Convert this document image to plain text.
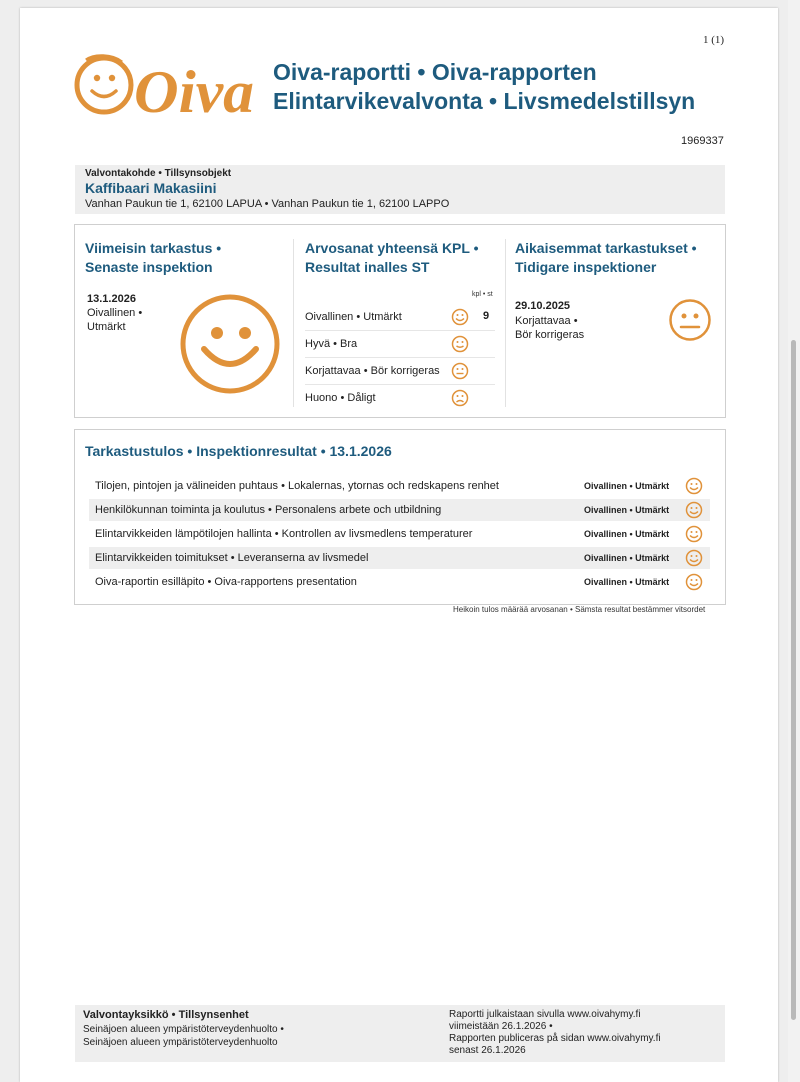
1 (1)
Oiva Oiva-raportti • Oiva-rapporten
Elintarvikevalvonta • Livsmedelstillsyn
1969337
Valvontakohde • Tillsynsobjekt
Kaffibaari Makasiini
Vanhan Paukun tie 1, 62100 LAPUA • Vanhan Paukun tie 1, 62100 LAPPO
Viimeisin tarkastus •
Senaste inspektion
13.1.2026
Oivallinen •
Utmärkt
Arvosanat yhteensä KPL •
Resultat inalles ST
kpl • st
Oivallinen • Utmärkt	9
Hyvä • Bra
Korjattavaa • Bör korrigeras
Huono • Dåligt
Aikaisemmat tarkastukset •
Tidigare inspektioner
29.10.2025
Korjattavaa •
Bör korrigeras
Tarkastustulos • Inspektionresultat • 13.1.2026
Tilojen, pintojen ja välineiden puhtaus • Lokalernas, ytornas och redskapens renhet	Oivallinen • Utmärkt
Henkilökunnan toiminta ja koulutus • Personalens arbete och utbildning	Oivallinen • Utmärkt
Elintarvikkeiden lämpötilojen hallinta • Kontrollen av livsmedlens temperaturer	Oivallinen • Utmärkt
Elintarvikkeiden toimitukset • Leveranserna av livsmedel	Oivallinen • Utmärkt
Oiva-raportin esilläpito • Oiva-rapportens presentation	Oivallinen • Utmärkt
Heikoin tulos määrää arvosanan • Sämsta resultat bestämmer vitsordet
Valvontayksikkö • Tillsynsenhet
Seinäjoen alueen ympäristöterveydenhuolto •
Seinäjoen alueen ympäristöterveydenhuolto
Raportti julkaistaan sivulla www.oivahymy.fi
viimeistään 26.1.2026 •
Rapporten publiceras på sidan www.oivahymy.fi
senast 26.1.2026
